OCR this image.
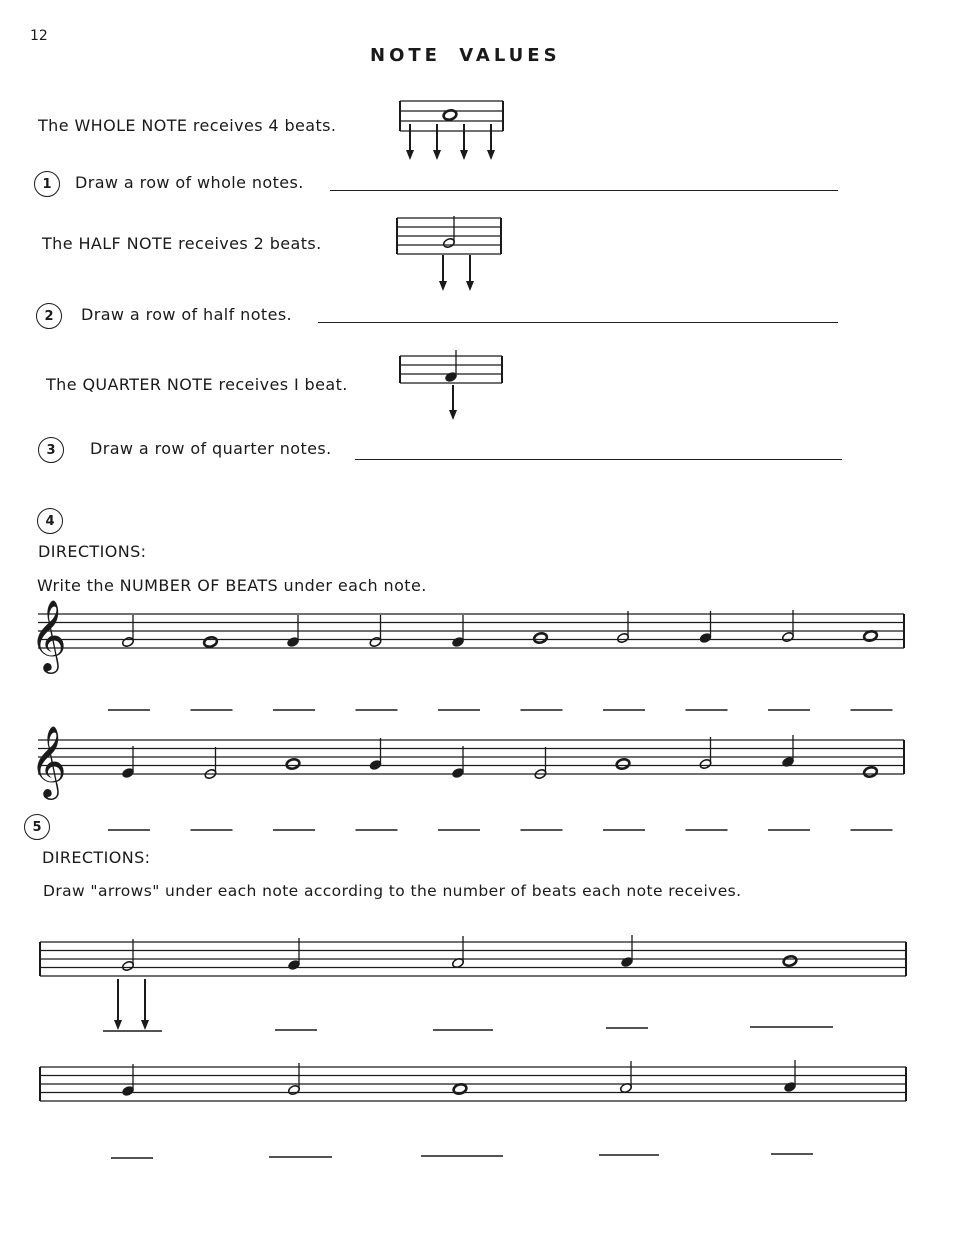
12
NOTE VALUES
The WHOLE NOTE receives 4 beats.
1	Draw a row of whole notes.
The HALF NOTE receives 2 beats.
2	Draw a row of half notes.
The QUARTER NOTE receives I beat.
3	Draw a row of quarter notes.
4
DIRECTIONS:
Write the NUMBER OF BEATS under each note.
5
DIRECTIONS:
Draw "arrows" under each note according to the number of beats each note receives.
𝄞
𝄞
